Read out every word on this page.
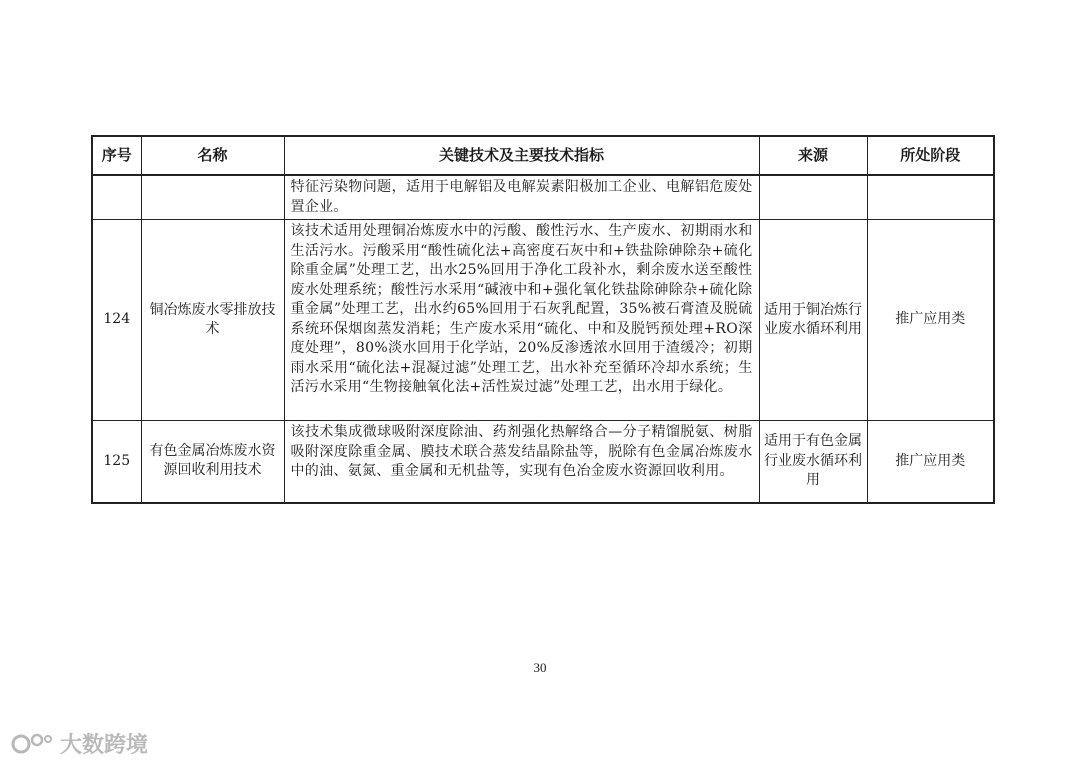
序号	名称	关键技术及主要技术指标	来源	所处阶段
		特征污染物问题，适用于电解铝及电解炭素阳极加工企业、电解铝危废处置企业。		
124	铜冶炼废水零排放技术	该技术适用处理铜冶炼废水中的污酸、酸性污水、生产废水、初期雨水和生活污水。污酸采用“酸性硫化法+高密度石灰中和+铁盐除砷除杂+硫化除重金属”处理工艺，出水25%回用于净化工段补水，剩余废水送至酸性废水处理系统；酸性污水采用“碱液中和+强化氧化铁盐除砷除杂+硫化除重金属”处理工艺，出水约65%回用于石灰乳配置，35%被石膏渣及脱硫系统环保烟囱蒸发消耗；生产废水采用“硫化、中和及脱钙预处理+RO深度处理”，80%淡水回用于化学站，20%反渗透浓水回用于渣缓冷；初期雨水采用“硫化法+混凝过滤”处理工艺，出水补充至循环冷却水系统；生活污水采用“生物接触氧化法+活性炭过滤”处理工艺，出水用于绿化。	适用于铜冶炼行业废水循环利用	推广应用类
125	有色金属冶炼废水资源回收利用技术	该技术集成微球吸附深度除油、药剂强化热解络合—分子精馏脱氨、树脂吸附深度除重金属、膜技术联合蒸发结晶除盐等，脱除有色金属冶炼废水中的油、氨氮、重金属和无机盐等，实现有色冶金废水资源回收利用。	适用于有色金属行业废水循环利用	推广应用类
30
大数跨境
